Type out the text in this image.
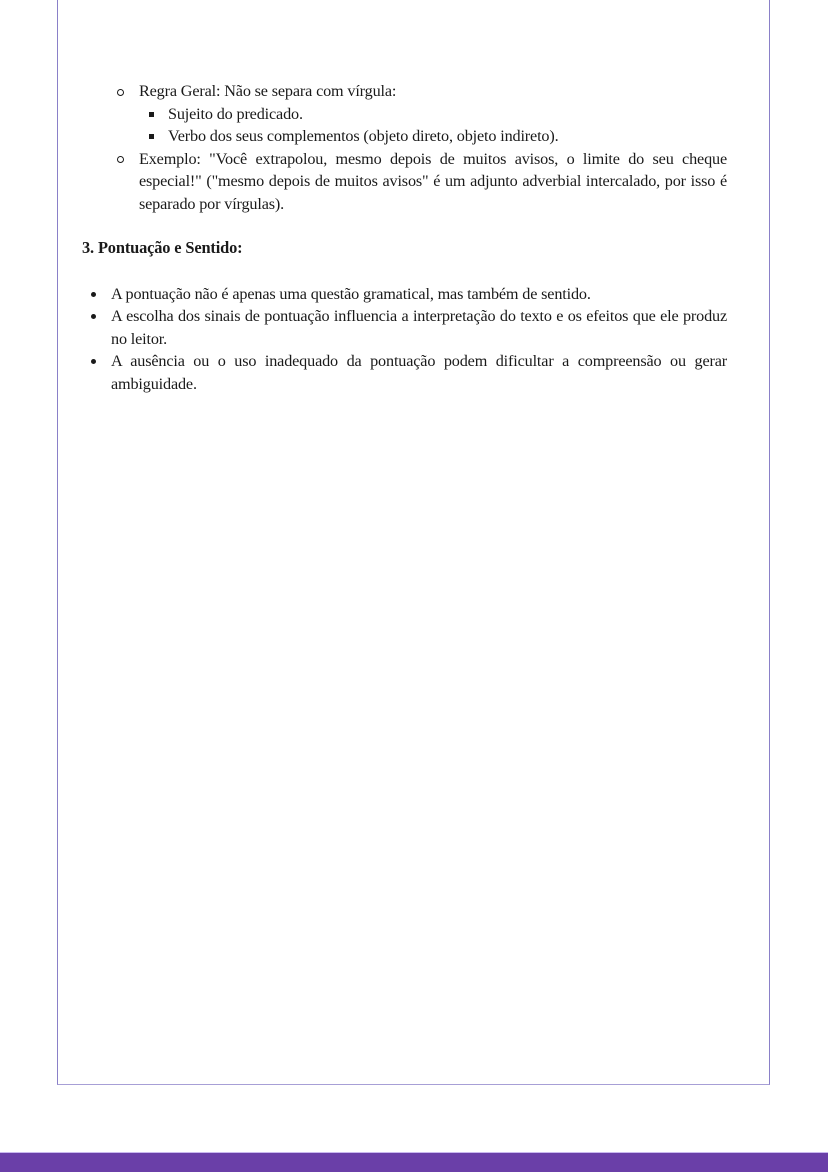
Regra Geral: Não se separa com vírgula:
Sujeito do predicado.
Verbo dos seus complementos (objeto direto, objeto indireto).
Exemplo: "Você extrapolou, mesmo depois de muitos avisos, o limite do seu cheque especial!" ("mesmo depois de muitos avisos" é um adjunto adverbial intercalado, por isso é separado por vírgulas).

3. Pontuação e Sentido:

A pontuação não é apenas uma questão gramatical, mas também de sentido.
A escolha dos sinais de pontuação influencia a interpretação do texto e os efeitos que ele produz no leitor.
A ausência ou o uso inadequado da pontuação podem dificultar a compreensão ou gerar ambiguidade.
